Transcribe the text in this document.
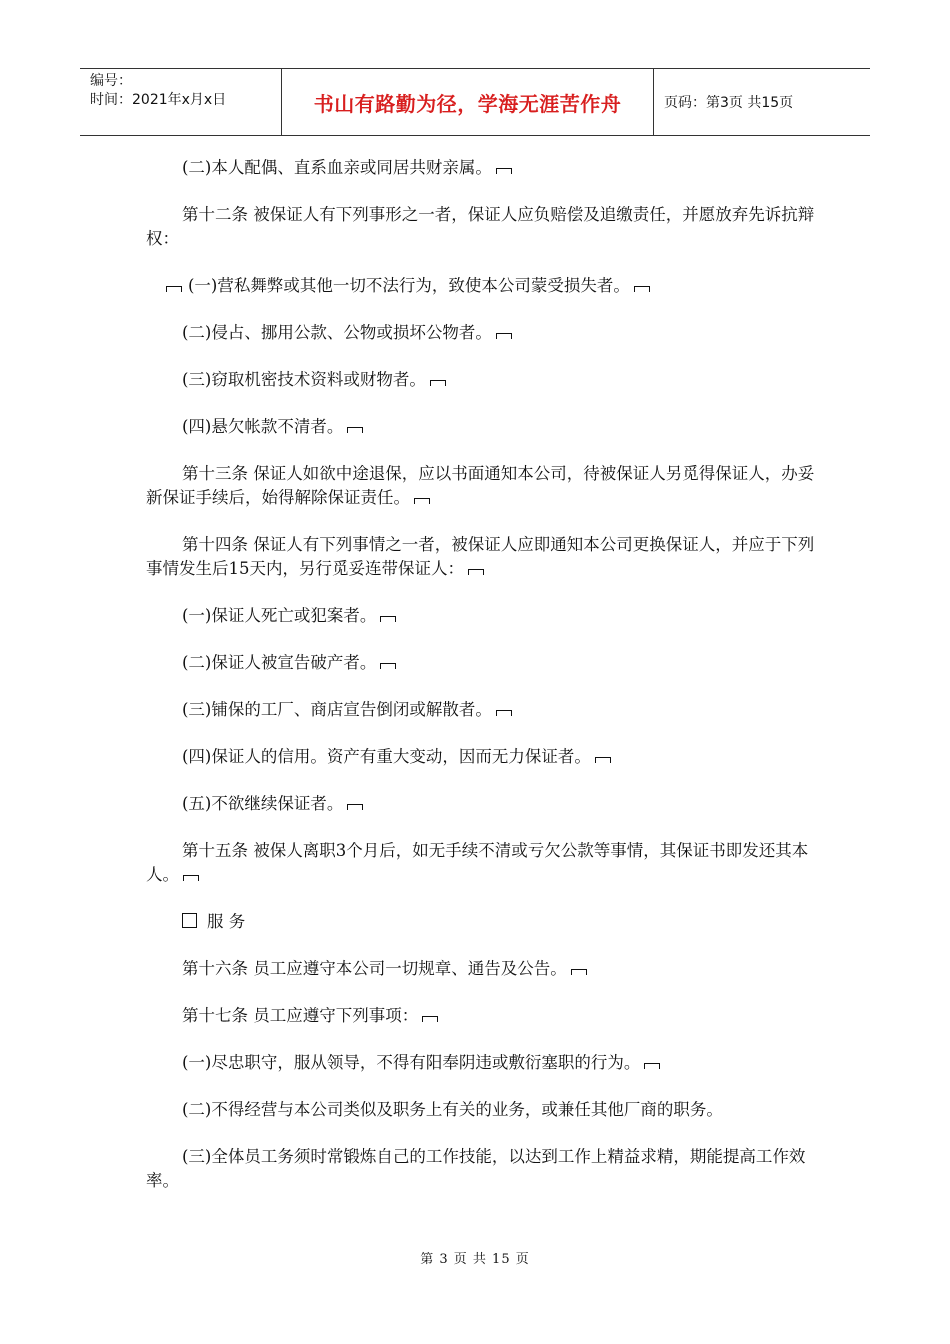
编号：
时间：2021年x月x日	书山有路勤为径，学海无涯苦作舟	页码：第3页 共15页
(二)本人配偶、直系血亲或同居共财亲属。
第十二条 被保证人有下列事形之一者，保证人应负赔偿及追缴责任，并愿放弃先诉抗辩权：
(一)营私舞弊或其他一切不法行为，致使本公司蒙受损失者。
(二)侵占、挪用公款、公物或损坏公物者。
(三)窃取机密技术资料或财物者。
(四)悬欠帐款不清者。
第十三条 保证人如欲中途退保，应以书面通知本公司，待被保证人另觅得保证人，办妥新保证手续后，始得解除保证责任。
第十四条 保证人有下列事情之一者，被保证人应即通知本公司更换保证人，并应于下列事情发生后15天内，另行觅妥连带保证人：
(一)保证人死亡或犯案者。
(二)保证人被宣告破产者。
(三)铺保的工厂、商店宣告倒闭或解散者。
(四)保证人的信用。资产有重大变动，因而无力保证者。
(五)不欲继续保证者。
第十五条 被保人离职3个月后，如无手续不清或亏欠公款等事情，其保证书即发还其本人。
服 务
第十六条 员工应遵守本公司一切规章、通告及公告。
第十七条 员工应遵守下列事项：
(一)尽忠职守，服从领导，不得有阳奉阴违或敷衍塞职的行为。
(二)不得经营与本公司类似及职务上有关的业务，或兼任其他厂商的职务。
(三)全体员工务须时常锻炼自己的工作技能，以达到工作上精益求精，期能提高工作效率。
第 3 页 共 15 页
